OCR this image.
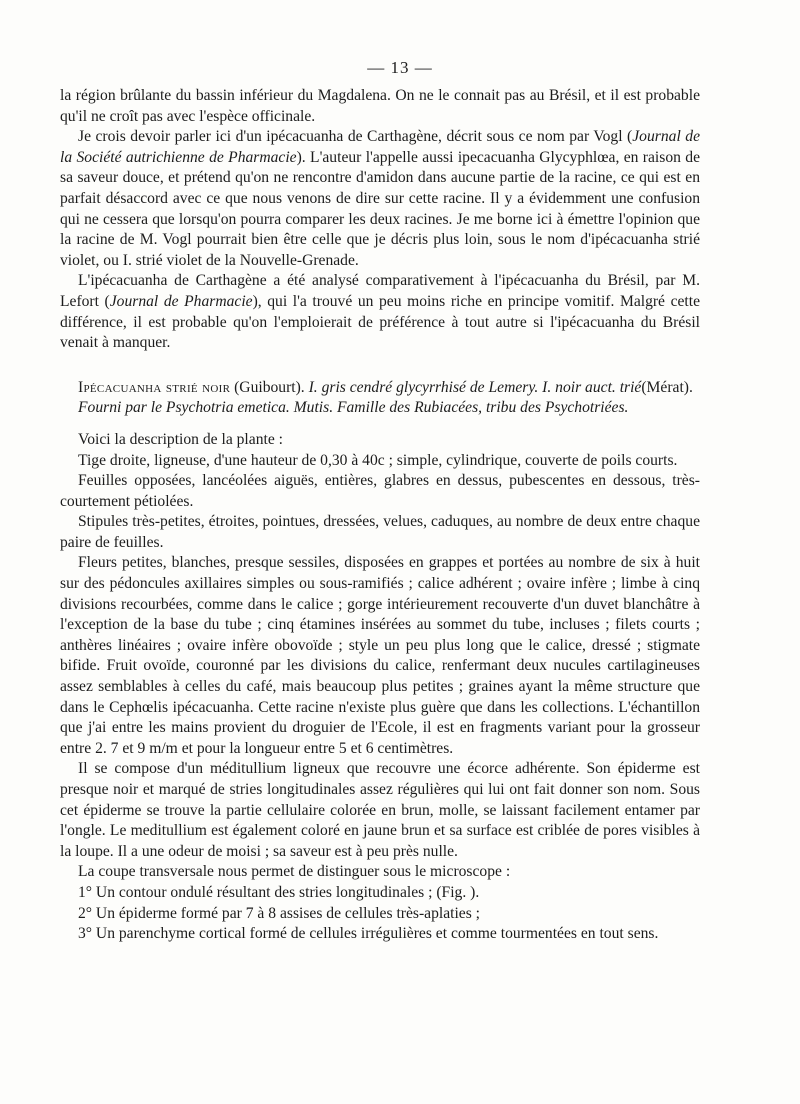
— 13 —

la région brûlante du bassin inférieur du Magdalena. On ne le connait pas au Brésil, et il est probable qu'il ne croît pas avec l'espèce officinale.

Je crois devoir parler ici d'un ipécacuanha de Carthagène, décrit sous ce nom par Vogl (Journal de la Société autrichienne de Pharmacie). L'auteur l'appelle aussi ipecacuanha Glycyphlœa, en raison de sa saveur douce, et prétend qu'on ne rencontre d'amidon dans aucune partie de la racine, ce qui est en parfait désaccord avec ce que nous venons de dire sur cette racine. Il y a évidemment une confusion qui ne cessera que lorsqu'on pourra comparer les deux racines. Je me borne ici à émettre l'opinion que la racine de M. Vogl pourrait bien être celle que je décris plus loin, sous le nom d'ipécacuanha strié violet, ou I. strié violet de la Nouvelle-Grenade.

L'ipécacuanha de Carthagène a été analysé comparativement à l'ipécacuanha du Brésil, par M. Lefort (Journal de Pharmacie), qui l'a trouvé un peu moins riche en principe vomitif. Malgré cette différence, il est probable qu'on l'emploierait de préférence à tout autre si l'ipécacuanha du Brésil venait à manquer.

Ipécacuanha strié noir (Guibourt). I. gris cendré glycyrrhisé de Lemery. I. noir auct. trié(Mérat).

Fourni par le Psychotria emetica. Mutis. Famille des Rubiacées, tribu des Psychotriées.

Voici la description de la plante :

Tige droite, ligneuse, d'une hauteur de 0,30 à 40c ; simple, cylindrique, couverte de poils courts.

Feuilles opposées, lancéolées aiguës, entières, glabres en dessus, pubescentes en dessous, très-courtement pétiolées.

Stipules très-petites, étroites, pointues, dressées, velues, caduques, au nombre de deux entre chaque paire de feuilles.

Fleurs petites, blanches, presque sessiles, disposées en grappes et portées au nombre de six à huit sur des pédoncules axillaires simples ou sous-ramifiés ; calice adhérent ; ovaire infère ; limbe à cinq divisions recourbées, comme dans le calice ; gorge intérieurement recouverte d'un duvet blanchâtre à l'exception de la base du tube ; cinq étamines insérées au sommet du tube, incluses ; filets courts ; anthères linéaires ; ovaire infère obovoïde ; style un peu plus long que le calice, dressé ; stigmate bifide. Fruit ovoïde, couronné par les divisions du calice, renfermant deux nucules cartilagineuses assez semblables à celles du café, mais beaucoup plus petites ; graines ayant la même structure que dans le Cephœlis ipécacuanha. Cette racine n'existe plus guère que dans les collections. L'échantillon que j'ai entre les mains provient du droguier de l'Ecole, il est en fragments variant pour la grosseur entre 2. 7 et 9 m/m et pour la longueur entre 5 et 6 centimètres.

Il se compose d'un méditullium ligneux que recouvre une écorce adhérente. Son épiderme est presque noir et marqué de stries longitudinales assez régulières qui lui ont fait donner son nom. Sous cet épiderme se trouve la partie cellulaire colorée en brun, molle, se laissant facilement entamer par l'ongle. Le meditullium est également coloré en jaune brun et sa surface est criblée de pores visibles à la loupe. Il a une odeur de moisi ; sa saveur est à peu près nulle.

La coupe transversale nous permet de distinguer sous le microscope :

1° Un contour ondulé résultant des stries longitudinales ; (Fig. ).

2° Un épiderme formé par 7 à 8 assises de cellules très-aplaties ;

3° Un parenchyme cortical formé de cellules irrégulières et comme tourmentées en tout sens.
